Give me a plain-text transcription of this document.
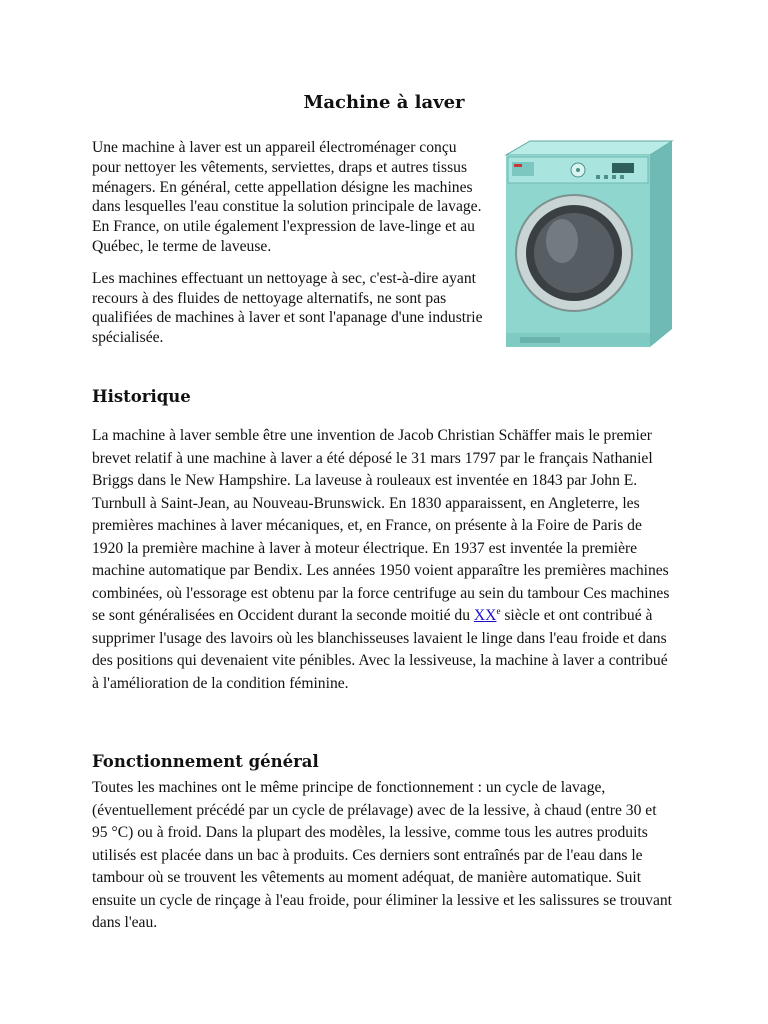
Machine à laver

Une machine à laver est un appareil électroménager conçu pour nettoyer les vêtements, serviettes, draps et autres tissus ménagers. En général, cette appellation désigne les machines dans lesquelles l'eau constitue la solution principale de lavage. En France, on utile également l'expression de lave-linge et au Québec, le terme de laveuse.

Les machines effectuant un nettoyage à sec, c'est-à-dire ayant recours à des fluides de nettoyage alternatifs, ne sont pas qualifiées de machines à laver et sont l'apanage d'une industrie spécialisée.

Historique

La machine à laver semble être une invention de Jacob Christian Schäffer mais le premier brevet relatif à une machine à laver a été déposé le 31 mars 1797 par le français Nathaniel Briggs dans le New Hampshire. La laveuse à rouleaux est inventée en 1843 par John E. Turnbull à Saint-Jean, au Nouveau-Brunswick. En 1830 apparaissent, en Angleterre, les premières machines à laver mécaniques, et, en France, on présente à la Foire de Paris de 1920 la première machine à laver à moteur électrique. En 1937 est inventée la première machine automatique par Bendix. Les années 1950 voient apparaître les premières machines combinées, où l'essorage est obtenu par la force centrifuge au sein du tambour Ces machines se sont généralisées en Occident durant la seconde moitié du XXe siècle et ont contribué à supprimer l'usage des lavoirs où les blanchisseuses lavaient le linge dans l'eau froide et dans des positions qui devenaient vite pénibles. Avec la lessiveuse, la machine à laver a contribué à l'amélioration de la condition féminine.

Fonctionnement général

Toutes les machines ont le même principe de fonctionnement : un cycle de lavage, (éventuellement précédé par un cycle de prélavage) avec de la lessive, à chaud (entre 30 et 95 °C) ou à froid. Dans la plupart des modèles, la lessive, comme tous les autres produits utilisés est placée dans un bac à produits. Ces derniers sont entraînés par de l'eau dans le tambour où se trouvent les vêtements au moment adéquat, de manière automatique. Suit ensuite un cycle de rinçage à l'eau froide, pour éliminer la lessive et les salissures se trouvant dans l'eau.
